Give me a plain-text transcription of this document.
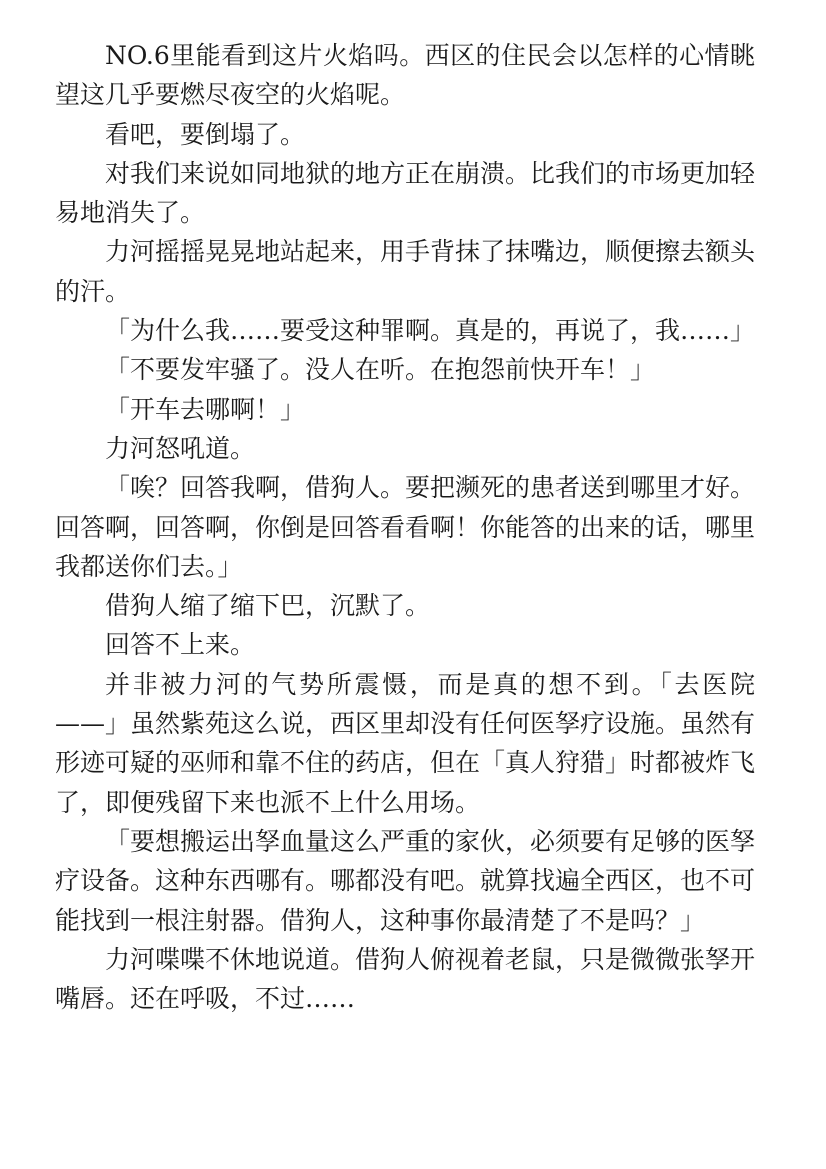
NO.6里能看到这片火焰吗。西区的住民会以怎样的心情眺望这几乎要燃尽夜空的火焰呢。

看吧，要倒塌了。

对我们来说如同地狱的地方正在崩溃。比我们的市场更加轻易地消失了。

力河摇摇晃晃地站起来，用手背抹了抹嘴边，顺便擦去额头的汗。

「为什么我……要受这种罪啊。真是的，再说了，我……」

「不要发牢骚了。没人在听。在抱怨前快开车！」

「开车去哪啊！」

力河怒吼道。

「唉？回答我啊，借狗人。要把濒死的患者送到哪里才好。回答啊，回答啊，你倒是回答看看啊！你能答的出来的话，哪里我都送你们去。」

借狗人缩了缩下巴，沉默了。

回答不上来。

并非被力河的气势所震慑，而是真的想不到。「去医院——」虽然紫苑这么说，西区里却没有任何医孥疗设施。虽然有形迹可疑的巫师和靠不住的药店，但在「真人狩猎」时都被炸飞了，即便残留下来也派不上什么用场。

「要想搬运出孥血量这么严重的家伙，必须要有足够的医孥疗设备。这种东西哪有。哪都没有吧。就算找遍全西区，也不可能找到一根注射器。借狗人，这种事你最清楚了不是吗？」

力河喋喋不休地说道。借狗人俯视着老鼠，只是微微张孥开嘴唇。还在呼吸，不过……
